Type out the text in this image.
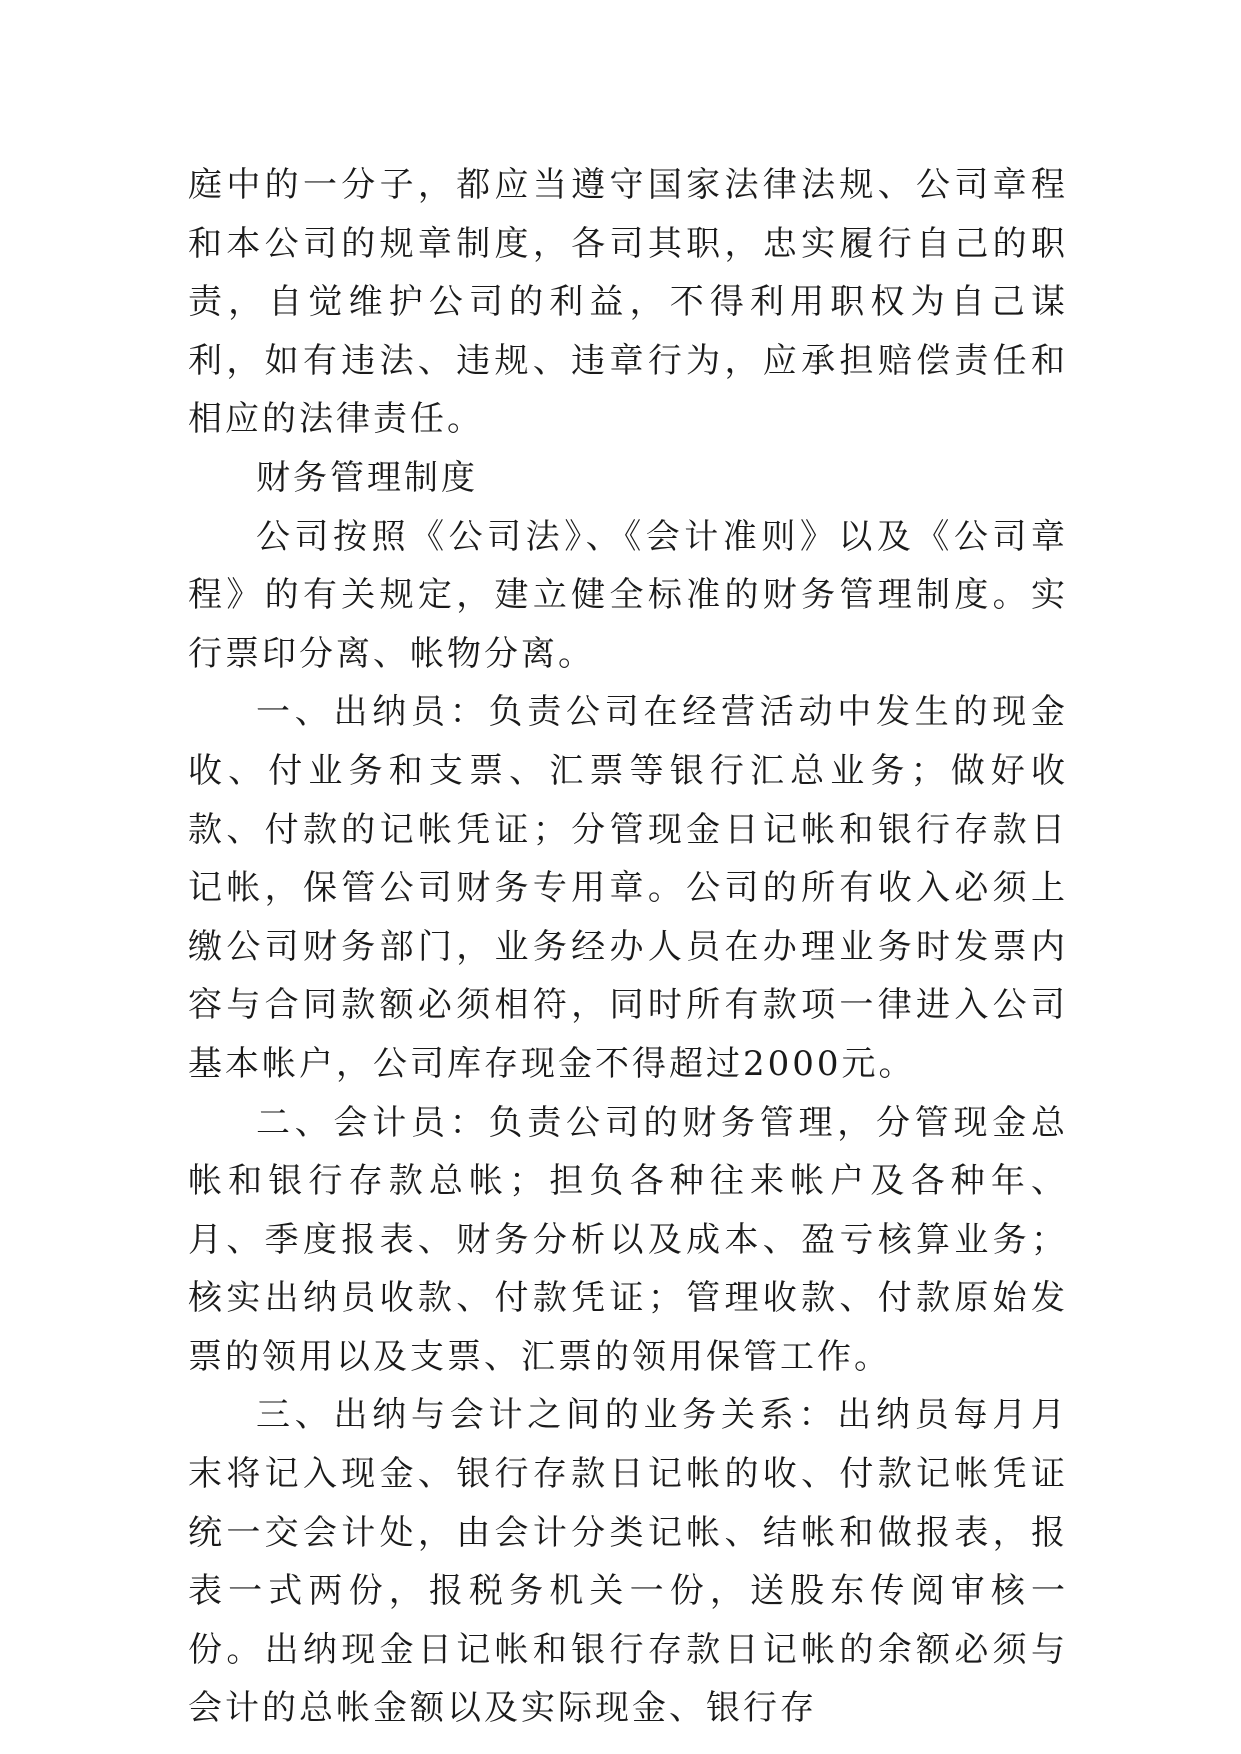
庭中的一分子，都应当遵守国家法律法规、公司章程和本公司的规章制度，各司其职，忠实履行自己的职责，自觉维护公司的利益，不得利用职权为自己谋利，如有违法、违规、违章行为，应承担赔偿责任和相应的法律责任。

财务管理制度

公司按照《公司法》、《会计准则》以及《公司章程》的有关规定，建立健全标准的财务管理制度。实行票印分离、帐物分离。

一、出纳员：负责公司在经营活动中发生的现金收、付业务和支票、汇票等银行汇总业务；做好收款、付款的记帐凭证；分管现金日记帐和银行存款日记帐，保管公司财务专用章。公司的所有收入必须上缴公司财务部门，业务经办人员在办理业务时发票内容与合同款额必须相符，同时所有款项一律进入公司基本帐户，公司库存现金不得超过2000元。

二、会计员：负责公司的财务管理，分管现金总帐和银行存款总帐；担负各种往来帐户及各种年、月、季度报表、财务分析以及成本、盈亏核算业务；核实出纳员收款、付款凭证；管理收款、付款原始发票的领用以及支票、汇票的领用保管工作。

三、出纳与会计之间的业务关系：出纳员每月月末将记入现金、银行存款日记帐的收、付款记帐凭证统一交会计处，由会计分类记帐、结帐和做报表，报表一式两份，报税务机关一份，送股东传阅审核一份。出纳现金日记帐和银行存款日记帐的余额必须与会计的总帐金额以及实际现金、银行存
